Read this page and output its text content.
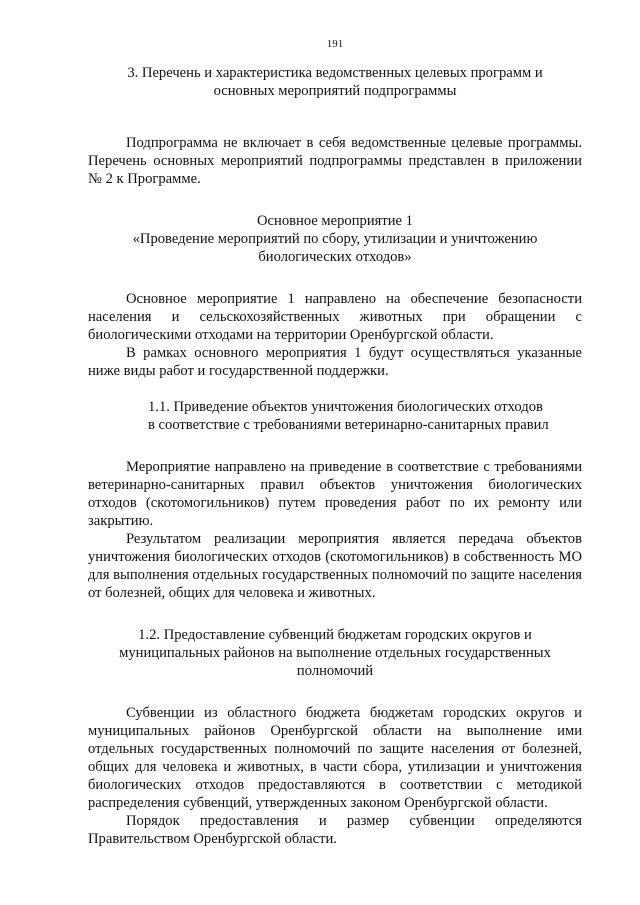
191

3. Перечень и характеристика ведомственных целевых программ и

основных мероприятий подпрограммы

Подпрограмма не включает в себя ведомственные целевые программы. Перечень основных мероприятий подпрограммы представлен в приложении № 2 к Программе.

Основное мероприятие 1

«Проведение мероприятий по сбору, утилизации и уничтожению

биологических отходов»

Основное мероприятие 1 направлено на обеспечение безопасности населения и сельскохозяйственных животных при обращении с биологическими отходами на территории Оренбургской области.

В рамках основного мероприятия 1 будут осуществляться указанные ниже виды работ и государственной поддержки.

1.1. Приведение объектов уничтожения биологических отходов

в соответствие с требованиями ветеринарно-санитарных правил

Мероприятие направлено на приведение в соответствие с требованиями ветеринарно-санитарных правил объектов уничтожения биологических отходов (скотомогильников) путем проведения работ по их ремонту или закрытию.

Результатом реализации мероприятия является передача объектов уничтожения биологических отходов (скотомогильников) в собственность МО для выполнения отдельных государственных полномочий по защите населения от болезней, общих для человека и животных.

1.2. Предоставление субвенций бюджетам городских округов и

муниципальных районов на выполнение отдельных государственных

полномочий

Субвенции из областного бюджета бюджетам городских округов и муниципальных районов Оренбургской области на выполнение ими отдельных государственных полномочий по защите населения от болезней, общих для человека и животных, в части сбора, утилизации и уничтожения биологических отходов предоставляются в соответствии с методикой распределения субвенций, утвержденных законом Оренбургской области.

Порядок предоставления и размер субвенции определяются Правительством Оренбургской области.
